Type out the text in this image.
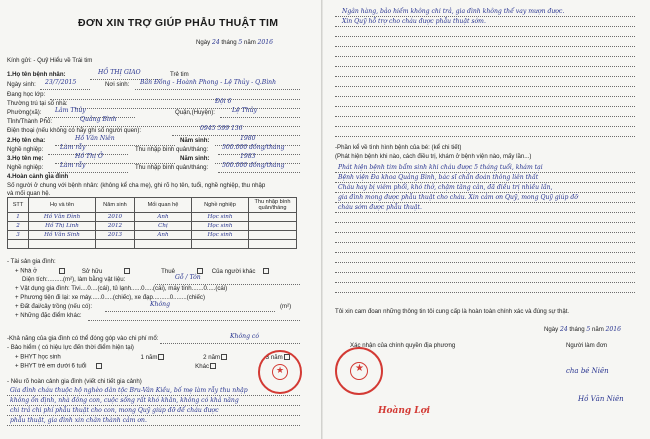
ĐƠN XIN TRỢ GIÚP PHẪU THUẬT TIM
Ngày 24 tháng 5 năm 2016
Kính gửi: - Quỹ Hiểu về Trái tim
1.Họ tên bệnh nhân:	HỒ THỊ GIAO	Trẻ tim
Ngày sinh: 23/7/2015	Nơi sinh: Bản Đồng - Hoành Phong - Lệ Thủy - Q.Bình
Đang học lớp:
Thường trú tại số nhà:	Đội 6
Phường(xã): Lâm Thủy	Quận,(Huyện):	Lệ Thủy
Tỉnh/Thành Phố:	Quảng Bình
Điện thoại (nếu không có hãy ghi số người quen):	0945 599 136
2.Họ tên cha:	Hồ Văn Niên	Năm sinh:	1980
Nghề nghiệp:	Làm rẫy	Thu nhập bình quân/tháng: 500.000 đồng/tháng
3.Họ tên mẹ:	Hồ Thị Ở	Năm sinh:	1983
Nghề nghiệp:	Làm rẫy	Thu nhập bình quân/tháng: 500.000 đồng/tháng
4.Hoàn cảnh gia đình
Số người ở chung với bệnh nhân: (không kể cha mẹ), ghi rõ họ tên, tuổi, nghề nghiệp, thu nhập
và mối quan hệ.
STT	Họ và tên	Năm sinh	Mối quan hệ	Nghề nghiệp	Thu nhập bình quân/tháng
1	Hồ Văn Đình	2010	Anh	Học sinh	
2	Hồ Thị Linh	2012	Chị	Học sinh	
3	Hồ Văn Sinh	2013	Anh	Học sinh	

- Tài sản gia đình:
+ Nhà ở	Sở hữu	Thuê	Của người khác
Diện tích:.........(m²), làm bằng vật liệu:	Gỗ / Tôn
+ Vật dụng gia đình: Tivi....0....(cái), tủ lạnh......0.....(cái), máy tính.......0.....(cái)
+ Phương tiện đi lại: xe máy......0.....(chiếc), xe đạp..........0........(chiếc)
+ Đất đai/cây trồng (nếu có):	Không	(m²)
+ Những đặc điểm khác:
-Khả năng của gia đình có thể đóng góp vào chi phí mổ:	Không có
- Bảo hiểm ( có hiệu lực đến thời điểm hiện tại)
+ BHYT học sinh	1 năm	2 năm	3 năm
+ BHYT trẻ em dưới 6 tuổi	Khác
- Nêu rõ hoàn cảnh gia đình (viết chi tiết gia cảnh)
Gia đình cháu thuộc hộ nghèo dân tộc Bru-Vân Kiều, bố mẹ làm rẫy thu nhập
không ổn định, nhà đông con, cuộc sống rất khó khăn, không có khả năng
chi trả chi phí phẫu thuật cho con, mong Quỹ giúp đỡ để cháu được
phẫu thuật, gia đình xin chân thành cảm ơn.
Ngân hàng, bảo hiểm không chi trả, gia đình không thể vay mượn được.
Xin Quỹ hỗ trợ cho cháu được phẫu thuật sớm.
-Phần kể về tình hình bệnh của bé: (kể chi tiết)
(Phát hiện bệnh khi nào, cách điều trị, khám ở bệnh viện nào, mấy lần...)
Phát hiện bệnh tim bẩm sinh khi cháu được 5 tháng tuổi, khám tại
Bệnh viện Đa khoa Quảng Bình, bác sĩ chẩn đoán thông liên thất
Cháu hay bị viêm phổi, khó thở, chậm tăng cân, đã điều trị nhiều lần,
gia đình mong được phẫu thuật cho cháu. Xin cảm ơn Quỹ, mong Quỹ giúp đỡ
cháu sớm được phẫu thuật.
Tôi xin cam đoan những thông tin tôi cung cấp là hoàn toàn chính xác và đúng sự thật.
Ngày 24 tháng 5 năm 2016
Xác nhận của chính quyền địa phương	Người làm đơn
cha bé Niên
Hồ Văn Niên
★	★
Hoàng Lợi
